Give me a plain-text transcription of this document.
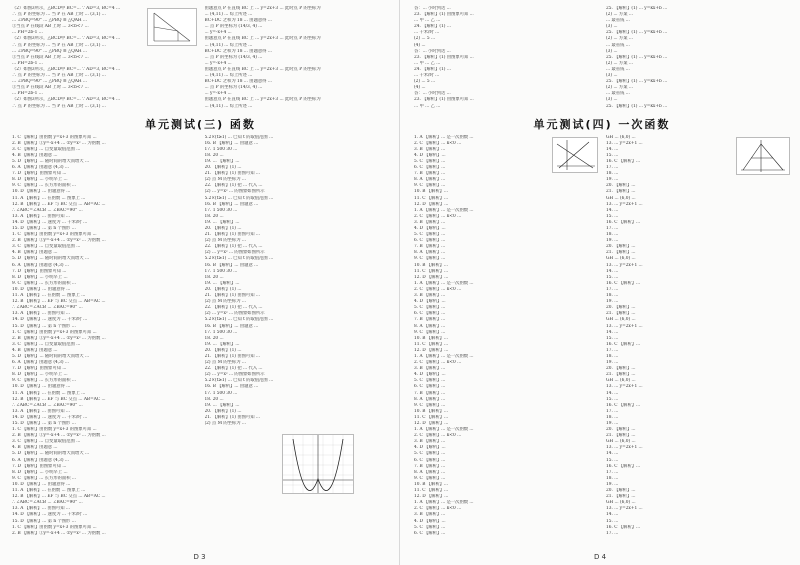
（2）如图3所示，△BCD中 BC=... ∵ AD=3, BC=4 ...
∴ 点 P 的坐标为 ... 当 P 在 AB 上时 ... (3,1) ...
... ∠PBQ=90° ... △PBQ ≌ △QAH ...
①当点 P 在线段 AB 上时 ... 3<b<7 ...
... PH=2b-1 ...
（2）如图3所示，△BCD中 BC=... ∵ AD=3, BC=4 ...
∴ 点 P 的坐标为 ... 当 P 在 AB 上时 ... (3,1) ...
... ∠PBQ=90° ... △PBQ ≌ △QAH ...
①当点 P 在线段 AB 上时 ... 3<b<7 ...
... PH=2b-1 ...
（2）如图3所示，△BCD中 BC=... ∵ AD=3, BC=4 ...
∴ 点 P 的坐标为 ... 当 P 在 AB 上时 ... (3,1) ...
... ∠PBQ=90° ... △PBQ ≌ △QAH ...
①当点 P 在线段 AB 上时 ... 3<b<7 ...
... PH=2b-1 ...
（2）如图3所示，△BCD中 BC=... ∵ AD=3, BC=4 ...
∴ 点 P 的坐标为 ... 当 P 在 AB 上时 ... (3,1) ...
由题意点 P 在直线 BC 上 ... y=2x+3 ... 此时点 P 的坐标为
... (4,11) ... 综上所述 ...
BC+DC 之和为 18 ... 由题意得 ...
... 点 P 的坐标为 (14/3, 4) ...
... y=-x+4 ...
由题意点 P 在直线 BC 上 ... y=2x+3 ... 此时点 P 的坐标为
... (4,11) ... 综上所述 ...
BC+DC 之和为 18 ... 由题意得 ...
... 点 P 的坐标为 (14/3, 4) ...
... y=-x+4 ...
由题意点 P 在直线 BC 上 ... y=2x+3 ... 此时点 P 的坐标为
... (4,11) ... 综上所述 ...
BC+DC 之和为 18 ... 由题意得 ...
... 点 P 的坐标为 (14/3, 4) ...
... y=-x+4 ...
由题意点 P 在直线 BC 上 ... y=2x+3 ... 此时点 P 的坐标为
... (4,11) ... 综上所述 ...
单元测试(三) 函数
1. C 【解析】由函数 y=x+3 的图象可知 ...
2. B 【解析】①y=-x+4 ... ②y=x² ... 为函数 ...
3. C 【解析】... 自变量取值范围 ...
4. B 【解析】由题意 ...
5. D 【解析】... 随时间的增大而增大 ...
6. A 【解析】由题意 (4,3) ...
7. D 【解析】由图象可知 ...
8. D 【解析】... 小明早上 ...
9. C 【解析】... 长方形的面积 ...
10. D 【解析】... 由题意得 ...
11. A 【解析】... 在函数 ... 图象上 ...
12. B 【解析】... EF 与 BC 交点 ... AB=AC ...
∴ ∠ABC=∠ACB ... ∠BAC=90° ...
13. A 【解析】... 由图可知 ...
14. D 【解析】... 速度为 ... 千米/时 ...
15. D 【解析】... 第 n 个图形 ...
1. C 【解析】由函数 y=x+3 的图象可知 ...
2. B 【解析】①y=-x+4 ... ②y=x² ... 为函数 ...
3. C 【解析】... 自变量取值范围 ...
4. B 【解析】由题意 ...
5. D 【解析】... 随时间的增大而增大 ...
6. A 【解析】由题意 (4,3) ...
7. D 【解析】由图象可知 ...
8. D 【解析】... 小明早上 ...
9. C 【解析】... 长方形的面积 ...
10. D 【解析】... 由题意得 ...
11. A 【解析】... 在函数 ... 图象上 ...
12. B 【解析】... EF 与 BC 交点 ... AB=AC ...
∴ ∠ABC=∠ACB ... ∠BAC=90° ...
13. A 【解析】... 由图可知 ...
14. D 【解析】... 速度为 ... 千米/时 ...
15. D 【解析】... 第 n 个图形 ...
1. C 【解析】由函数 y=x+3 的图象可知 ...
2. B 【解析】①y=-x+4 ... ②y=x² ... 为函数 ...
3. C 【解析】... 自变量取值范围 ...
4. B 【解析】由题意 ...
5. D 【解析】... 随时间的增大而增大 ...
6. A 【解析】由题意 (4,3) ...
7. D 【解析】由图象可知 ...
8. D 【解析】... 小明早上 ...
9. C 【解析】... 长方形的面积 ...
10. D 【解析】... 由题意得 ...
11. A 【解析】... 在函数 ... 图象上 ...
12. B 【解析】... EF 与 BC 交点 ... AB=AC ...
∴ ∠ABC=∠ACB ... ∠BAC=90° ...
13. A 【解析】... 由图可知 ...
14. D 【解析】... 速度为 ... 千米/时 ...
15. D 【解析】... 第 n 个图形 ...
1. C 【解析】由函数 y=x+3 的图象可知 ...
2. B 【解析】①y=-x+4 ... ②y=x² ... 为函数 ...
3. C 【解析】... 自变量取值范围 ...
4. B 【解析】由题意 ...
5. D 【解析】... 随时间的增大而增大 ...
6. A 【解析】由题意 (4,3) ...
7. D 【解析】由图象可知 ...
8. D 【解析】... 小明早上 ...
9. C 【解析】... 长方形的面积 ...
10. D 【解析】... 由题意得 ...
11. A 【解析】... 在函数 ... 图象上 ...
12. B 【解析】... EF 与 BC 交点 ... AB=AC ...
∴ ∠ABC=∠ACB ... ∠BAC=90° ...
13. A 【解析】... 由图可知 ...
14. D 【解析】... 速度为 ... 千米/时 ...
15. D 【解析】... 第 n 个图形 ...
1. C 【解析】由函数 y=x+3 的图象可知 ...
2. B 【解析】①y=-x+4 ... ②y=x² ... 为函数 ...
5.2×(t≥1) ... 已知 t 的取值范围 ...
16. B 【解析】... 由题意 ...
17. 1 500 30 ...
18. 20 ...
19. ... 【解析】...
20. 【解析】(1) ...
21. 【解析】(1) 由图可知 ...
(2) 点 M 的坐标为 ...
22. 【解析】(1) 把 ... 代入 ...
(2) ... y=x² ... 的图象如图所示
5.2×(t≥1) ... 已知 t 的取值范围 ...
16. B 【解析】... 由题意 ...
17. 1 500 30 ...
18. 20 ...
19. ... 【解析】...
20. 【解析】(1) ...
21. 【解析】(1) 由图可知 ...
(2) 点 M 的坐标为 ...
22. 【解析】(1) 把 ... 代入 ...
(2) ... y=x² ... 的图象如图所示
5.2×(t≥1) ... 已知 t 的取值范围 ...
16. B 【解析】... 由题意 ...
17. 1 500 30 ...
18. 20 ...
19. ... 【解析】...
20. 【解析】(1) ...
21. 【解析】(1) 由图可知 ...
(2) 点 M 的坐标为 ...
22. 【解析】(1) 把 ... 代入 ...
(2) ... y=x² ... 的图象如图所示
5.2×(t≥1) ... 已知 t 的取值范围 ...
16. B 【解析】... 由题意 ...
17. 1 500 30 ...
18. 20 ...
19. ... 【解析】...
20. 【解析】(1) ...
21. 【解析】(1) 由图可知 ...
(2) 点 M 的坐标为 ...
22. 【解析】(1) 把 ... 代入 ...
(2) ... y=x² ... 的图象如图所示
5.2×(t≥1) ... 已知 t 的取值范围 ...
16. B 【解析】... 由题意 ...
17. 1 500 30 ...
18. 20 ...
19. ... 【解析】...
20. 【解析】(1) ...
21. 【解析】(1) 由图可知 ...
(2) 点 M 的坐标为 ...
D 3
答：... 小时到达 ...
23. 【解析】(1) 由图象可知 ...
... 甲 ... 乙 ...
24. 【解析】(1) ...
... 千米/时 ...
(2) ... 5 ...
(4) ...
答：... 小时到达 ...
23. 【解析】(1) 由图象可知 ...
... 甲 ... 乙 ...
24. 【解析】(1) ...
... 千米/时 ...
(2) ... 5 ...
(4) ...
答：... 小时到达 ...
23. 【解析】(1) 由图象可知 ...
... 甲 ... 乙 ...
25. 【解析】(1) ... y=kx+b ...
(2) ... 方案 ...
... 最省钱 ...
(3) ...
25. 【解析】(1) ... y=kx+b ...
(2) ... 方案 ...
... 最省钱 ...
(3) ...
25. 【解析】(1) ... y=kx+b ...
(2) ... 方案 ...
... 最省钱 ...
(3) ...
25. 【解析】(1) ... y=kx+b ...
(2) ... 方案 ...
... 最省钱 ...
(3) ...
25. 【解析】(1) ... y=kx+b ...
单元测试(四) 一次函数
1. A 【解析】... 是一次函数 ...
2. C 【解析】... k<0 ...
3. B 【解析】...
4. D 【解析】...
5. C 【解析】...
6. C 【解析】...
7. B 【解析】...
8. A 【解析】...
9. C 【解析】...
10. B 【解析】...
11. C 【解析】...
12. D 【解析】...
1. A 【解析】... 是一次函数 ...
2. C 【解析】... k<0 ...
3. B 【解析】...
4. D 【解析】...
5. C 【解析】...
6. C 【解析】...
7. B 【解析】...
8. A 【解析】...
9. C 【解析】...
10. B 【解析】...
11. C 【解析】...
12. D 【解析】...
1. A 【解析】... 是一次函数 ...
2. C 【解析】... k<0 ...
3. B 【解析】...
4. D 【解析】...
5. C 【解析】...
6. C 【解析】...
7. B 【解析】...
8. A 【解析】...
9. C 【解析】...
10. B 【解析】...
11. C 【解析】...
12. D 【解析】...
1. A 【解析】... 是一次函数 ...
2. C 【解析】... k<0 ...
3. B 【解析】...
4. D 【解析】...
5. C 【解析】...
6. C 【解析】...
7. B 【解析】...
8. A 【解析】...
9. C 【解析】...
10. B 【解析】...
11. C 【解析】...
12. D 【解析】...
1. A 【解析】... 是一次函数 ...
2. C 【解析】... k<0 ...
3. B 【解析】...
4. D 【解析】...
5. C 【解析】...
6. C 【解析】...
7. B 【解析】...
8. A 【解析】...
9. C 【解析】...
10. B 【解析】...
11. C 【解析】...
12. D 【解析】...
1. A 【解析】... 是一次函数 ...
2. C 【解析】... k<0 ...
3. B 【解析】...
4. D 【解析】...
5. C 【解析】...
6. C 【解析】...
GH ... (6,0) ...
13. ... y=2x+1 ...
14. ...
15. ...
16. C 【解析】...
17. ...
18. ...
19. ...
20. 【解析】...
21. 【解析】...
GH ... (6,0) ...
13. ... y=2x+1 ...
14. ...
15. ...
16. C 【解析】...
17. ...
18. ...
19. ...
20. 【解析】...
21. 【解析】...
GH ... (6,0) ...
13. ... y=2x+1 ...
14. ...
15. ...
16. C 【解析】...
17. ...
18. ...
19. ...
20. 【解析】...
21. 【解析】...
GH ... (6,0) ...
13. ... y=2x+1 ...
14. ...
15. ...
16. C 【解析】...
17. ...
18. ...
19. ...
20. 【解析】...
21. 【解析】...
GH ... (6,0) ...
13. ... y=2x+1 ...
14. ...
15. ...
16. C 【解析】...
17. ...
18. ...
19. ...
20. 【解析】...
21. 【解析】...
GH ... (6,0) ...
13. ... y=2x+1 ...
14. ...
15. ...
16. C 【解析】...
17. ...
18. ...
19. ...
20. 【解析】...
21. 【解析】...
GH ... (6,0) ...
13. ... y=2x+1 ...
14. ...
15. ...
16. C 【解析】...
17. ...
D 4
